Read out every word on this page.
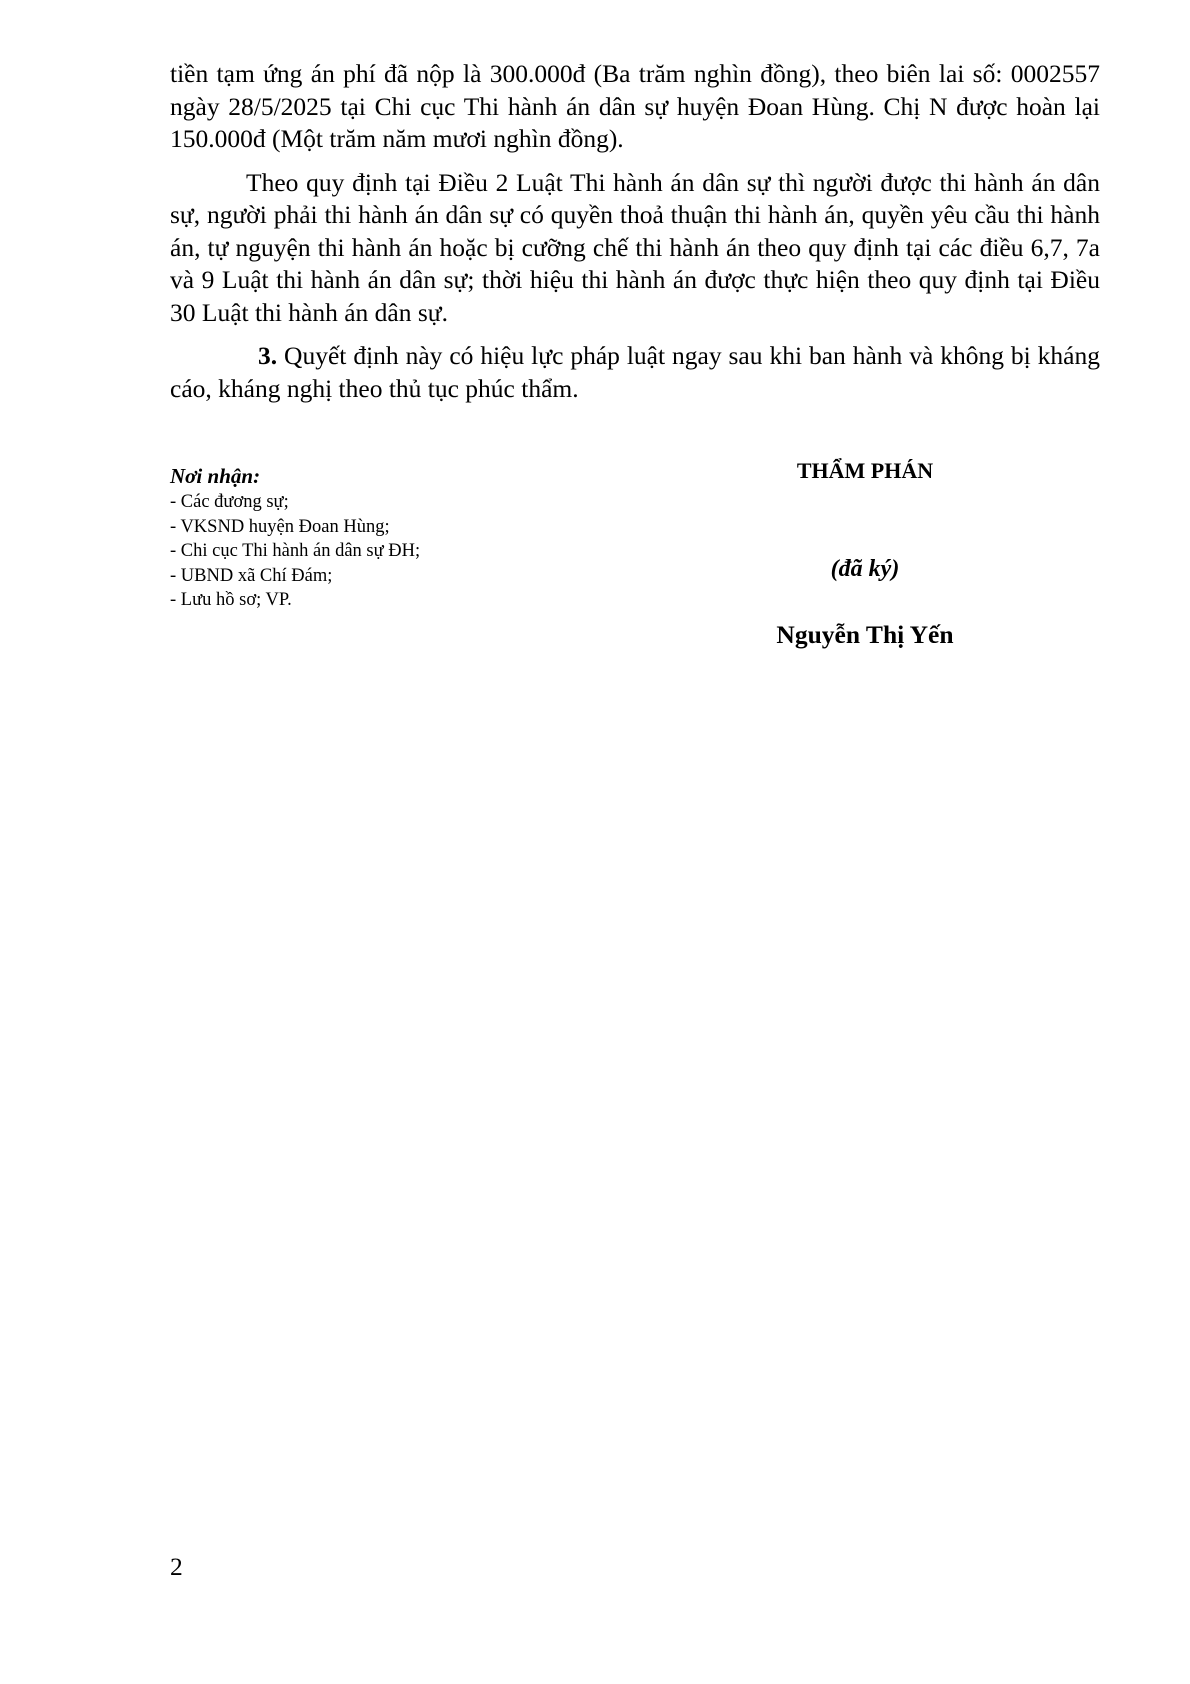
tiền tạm ứng án phí đã nộp là 300.000đ (Ba trăm nghìn đồng), theo biên lai số: 0002557 ngày 28/5/2025 tại Chi cục Thi hành án dân sự huyện Đoan Hùng. Chị N được hoàn lại 150.000đ (Một trăm năm mươi nghìn đồng).

Theo quy định tại Điều 2 Luật Thi hành án dân sự thì người được thi hành án dân sự, người phải thi hành án dân sự có quyền thoả thuận thi hành án, quyền yêu cầu thi hành án, tự nguyện thi hành án hoặc bị cưỡng chế thi hành án theo quy định tại các điều 6,7, 7a và 9 Luật thi hành án dân sự; thời hiệu thi hành án được thực hiện theo quy định tại Điều 30 Luật thi hành án dân sự.

3. Quyết định này có hiệu lực pháp luật ngay sau khi ban hành và không bị kháng cáo, kháng nghị theo thủ tục phúc thẩm.

Nơi nhận:
- Các đương sự;
- VKSND huyện Đoan Hùng;
- Chi cục Thi hành án dân sự ĐH;
- UBND xã Chí Đám;
- Lưu hồ sơ; VP.
THẨM PHÁN
(đã ký)
Nguyễn Thị Yến
2
